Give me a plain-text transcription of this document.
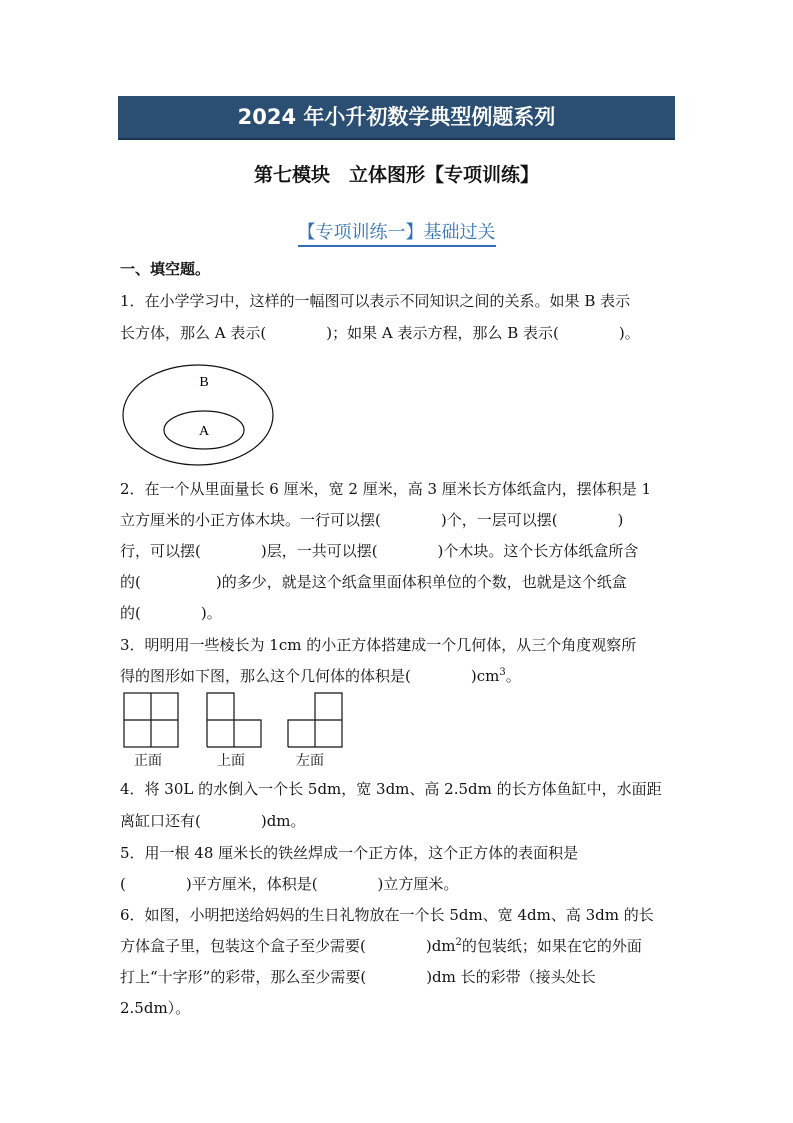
2024 年小升初数学典型例题系列
第七模块　立体图形【专项训练】
【专项训练一】基础过关
一、填空题。
1．在小学学习中，这样的一幅图可以表示不同知识之间的关系。如果 B 表示
长方体，那么 A 表示(　　　　)；如果 A 表示方程，那么 B 表示(　　　　)。
B
A
2．在一个从里面量长 6 厘米，宽 2 厘米，高 3 厘米长方体纸盒内，摆体积是 1
立方厘米的小正方体木块。一行可以摆(　　　　)个，一层可以摆(　　　　)
行，可以摆(　　　　)层，一共可以摆(　　　　)个木块。这个长方体纸盒所含
的(　　　　　)的多少，就是这个纸盒里面体积单位的个数，也就是这个纸盒
的(　　　　)。
3．明明用一些棱长为 1cm 的小正方体搭建成一个几何体，从三个角度观察所
得的图形如下图，那么这个几何体的体积是(　　　　)$cm^3$。
正面	上面	左面
4．将 30L 的水倒入一个长 5dm，宽 3dm、高 2.5dm 的长方体鱼缸中，水面距
离缸口还有(　　　　)dm。
5．用一根 48 厘米长的铁丝焊成一个正方体，这个正方体的表面积是
(　　　　)平方厘米，体积是(　　　　)立方厘米。
6．如图，小明把送给妈妈的生日礼物放在一个长 5dm、宽 4dm、高 3dm 的长
方体盒子里，包装这个盒子至少需要(　　　　)$dm^2$的包装纸；如果在它的外面
打上“十字形”的彩带，那么至少需要(　　　　)dm 长的彩带（接头处长
2.5dm）。
